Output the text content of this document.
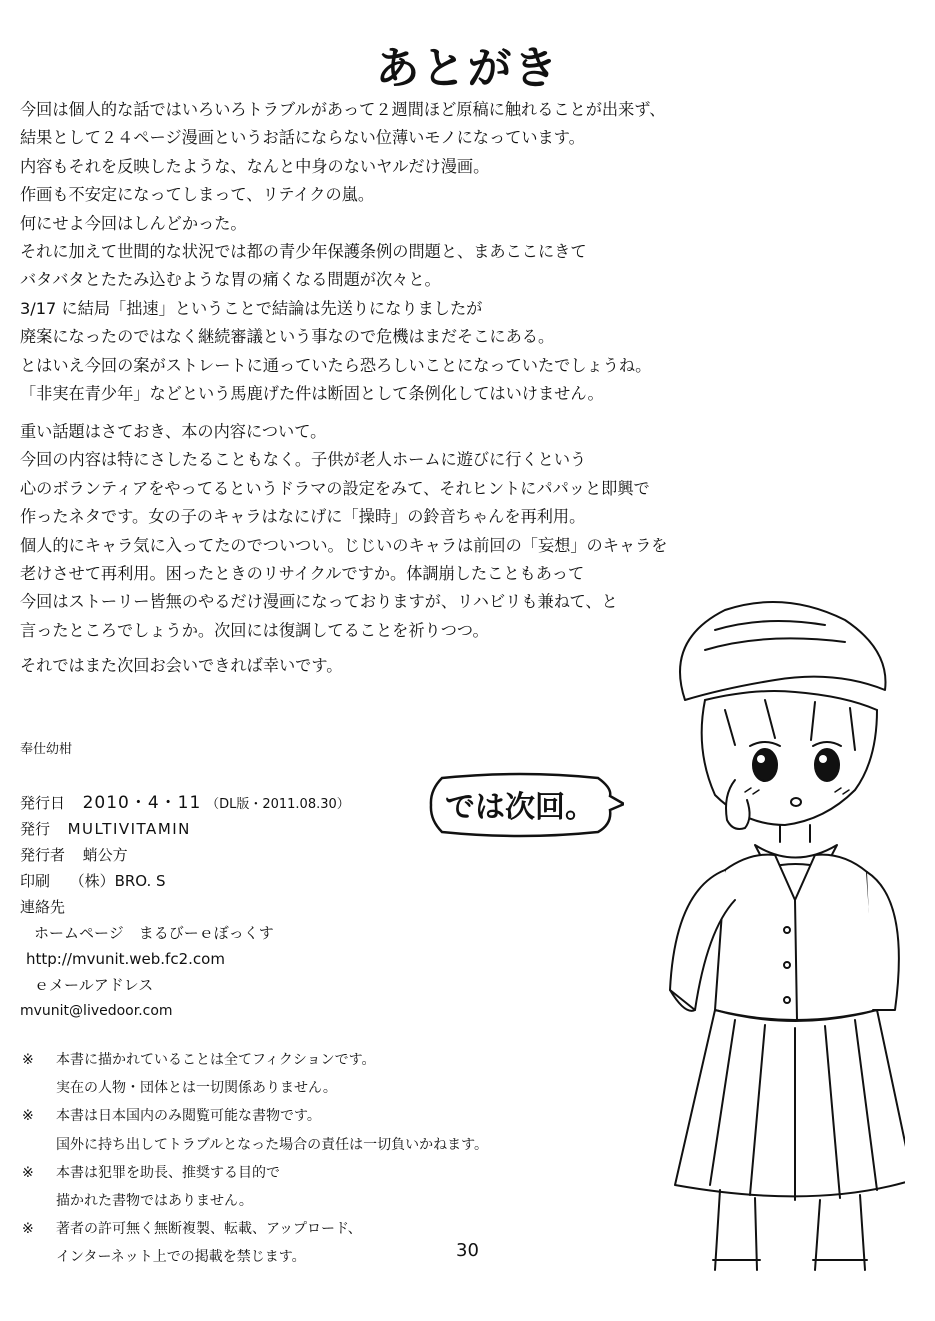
あとがき
今回は個人的な話ではいろいろトラブルがあって２週間ほど原稿に触れることが出来ず、
結果として２４ページ漫画というお話にならない位薄いモノになっています。
内容もそれを反映したような、なんと中身のないヤルだけ漫画。
作画も不安定になってしまって、リテイクの嵐。
何にせよ今回はしんどかった。
それに加えて世間的な状況では都の青少年保護条例の問題と、まあここにきて
バタバタとたたみ込むような胃の痛くなる問題が次々と。
3/17 に結局「拙速」ということで結論は先送りになりましたが
廃案になったのではなく継続審議という事なので危機はまだそこにある。
とはいえ今回の案がストレートに通っていたら恐ろしいことになっていたでしょうね。
「非実在青少年」などという馬鹿げた件は断固として条例化してはいけません。
重い話題はさておき、本の内容について。
今回の内容は特にさしたることもなく。子供が老人ホームに遊びに行くという
心のボランティアをやってるというドラマの設定をみて、それヒントにパパッと即興で
作ったネタです。女の子のキャラはなにげに「操時」の鈴音ちゃんを再利用。
個人的にキャラ気に入ってたのでついつい。じじいのキャラは前回の「妄想」のキャラを
老けさせて再利用。困ったときのリサイクルですか。体調崩したこともあって
今回はストーリー皆無のやるだけ漫画になっておりますが、リハビリも兼ねて、と
言ったところでしょうか。次回には復調してることを祈りつつ。
それではまた次回お会いできれば幸いです。
奉仕幼柑
発行日 2010・4・11 （DL版・2011.08.30）
発行 MULTIVITAMIN
発行者 蛸公方
印刷 （株）BRO. S
連絡先
ホームページ　まるびーｅぼっくす
http://mvunit.web.fc2.com
ｅメールアドレス
mvunit@livedoor.com
※ 本書に描かれていることは全てフィクションです。
実在の人物・団体とは一切関係ありません。
※ 本書は日本国内のみ閲覧可能な書物です。
国外に持ち出してトラブルとなった場合の責任は一切負いかねます。
※ 本書は犯罪を助長、推奨する目的で
描かれた書物ではありません。
※ 著者の許可無く無断複製、転載、アップロード、
インターネット上での掲載を禁じます。	30
では次回。
